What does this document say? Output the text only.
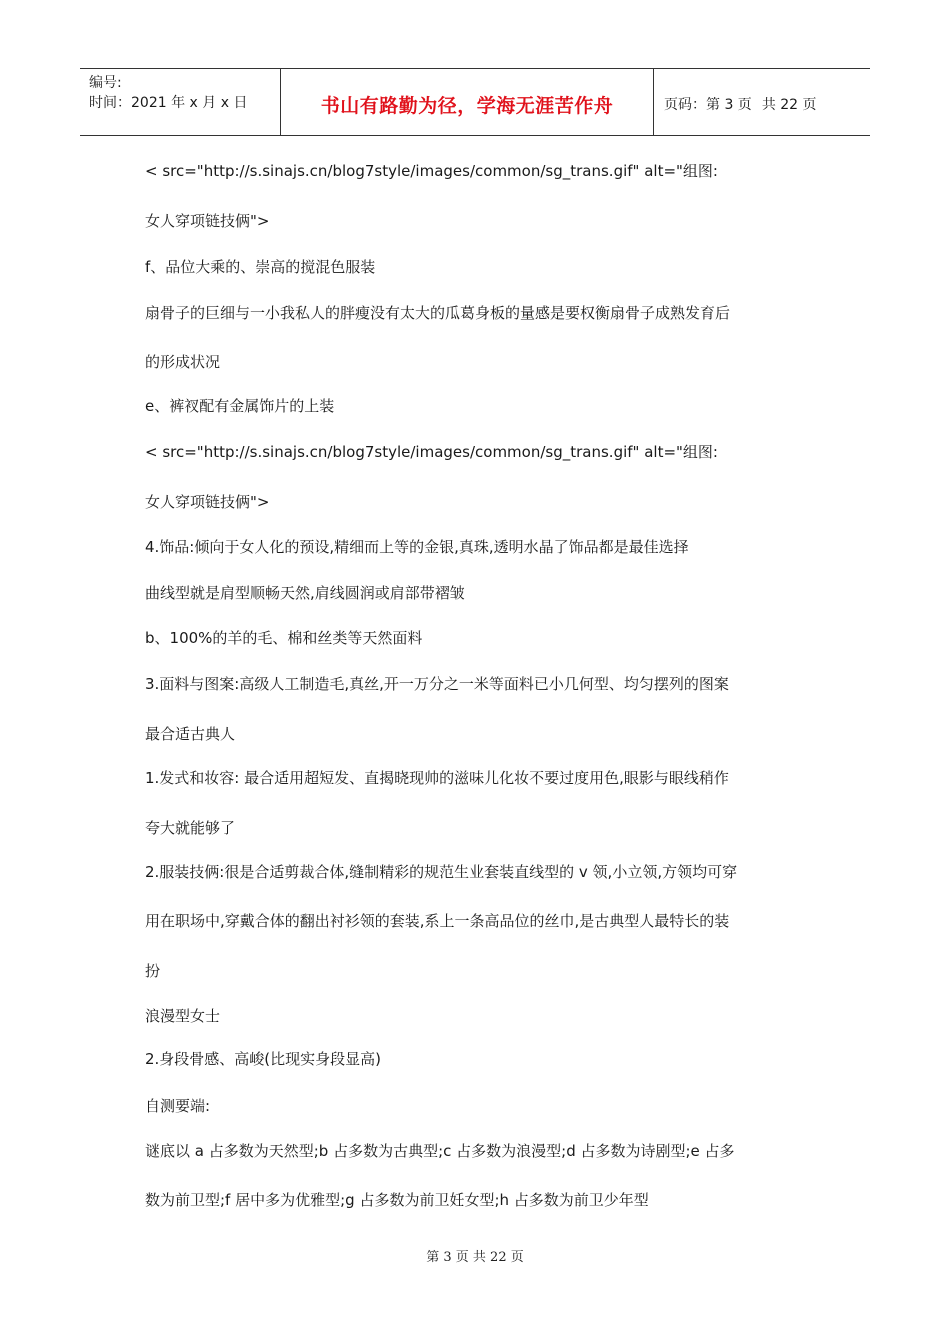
编号:
时间：2021 年 x 月 x 日	书山有路勤为径，学海无涯苦作舟	页码：第 3 页 共 22 页
< src="http://s.sinajs.cn/blog7style/images/common/sg_trans.gif" alt="组图:
女人穿项链技俩">
f、品位大乘的、崇高的搅混色服装
扇骨子的巨细与一小我私人的胖瘦没有太大的瓜葛身板的量感是要权衡扇骨子成熟发育后
的形成状况
e、裤衩配有金属饰片的上装
< src="http://s.sinajs.cn/blog7style/images/common/sg_trans.gif" alt="组图:
女人穿项链技俩">
4.饰品:倾向于女人化的预设,精细而上等的金银,真珠,透明水晶了饰品都是最佳选择
曲线型就是肩型顺畅天然,肩线圆润或肩部带褶皱
b、100%的羊的毛、棉和丝类等天然面料
3.面料与图案:高级人工制造毛,真丝,开一万分之一米等面料已小几何型、均匀摆列的图案
最合适古典人
1.发式和妆容: 最合适用超短发、直揭晓现帅的滋味儿化妆不要过度用色,眼影与眼线稍作
夸大就能够了
2.服装技俩:很是合适剪裁合体,缝制精彩的规范生业套装直线型的 v 领,小立领,方领均可穿
用在职场中,穿戴合体的翻出衬衫领的套装,系上一条高品位的丝巾,是古典型人最特长的装
扮
浪漫型女士
2.身段骨感、高峻(比现实身段显高)
自测要端:
谜底以 a 占多数为天然型;b 占多数为古典型;c 占多数为浪漫型;d 占多数为诗剧型;e 占多
数为前卫型;f 居中多为优雅型;g 占多数为前卫妊女型;h 占多数为前卫少年型
第 3 页 共 22 页
